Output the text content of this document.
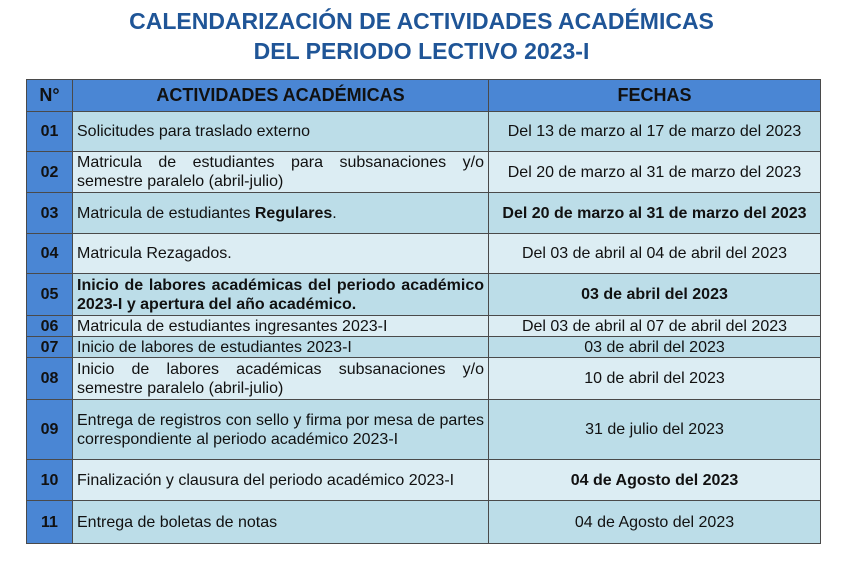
CALENDARIZACIÓN DE ACTIVIDADES ACADÉMICAS
DEL PERIODO LECTIVO 2023-I
N°	ACTIVIDADES ACADÉMICAS	FECHAS
01	Solicitudes para traslado externo	Del 13 de marzo al 17 de marzo del 2023
02	Matricula de estudiantes para subsanaciones y/o semestre paralelo (abril-julio)	Del 20 de marzo al 31 de marzo del 2023
03	Matricula de estudiantes Regulares.	Del 20 de marzo al 31 de marzo del 2023
04	Matricula Rezagados.	Del 03 de abril al 04 de abril del 2023
05	Inicio de labores académicas del periodo académico 2023-I y apertura del año académico.	03 de abril del 2023
06	Matricula de estudiantes ingresantes 2023-I	Del 03 de abril al 07 de abril del 2023
07	Inicio de labores de estudiantes 2023-I	03 de abril del 2023
08	Inicio de labores académicas subsanaciones y/o semestre paralelo (abril-julio)	10 de abril del 2023
09	Entrega de registros con sello y firma por mesa de partes correspondiente al periodo académico 2023-I	31 de julio del 2023
10	Finalización y clausura del periodo académico 2023-I	04 de Agosto del 2023
11	Entrega de boletas de notas	04 de Agosto del 2023
